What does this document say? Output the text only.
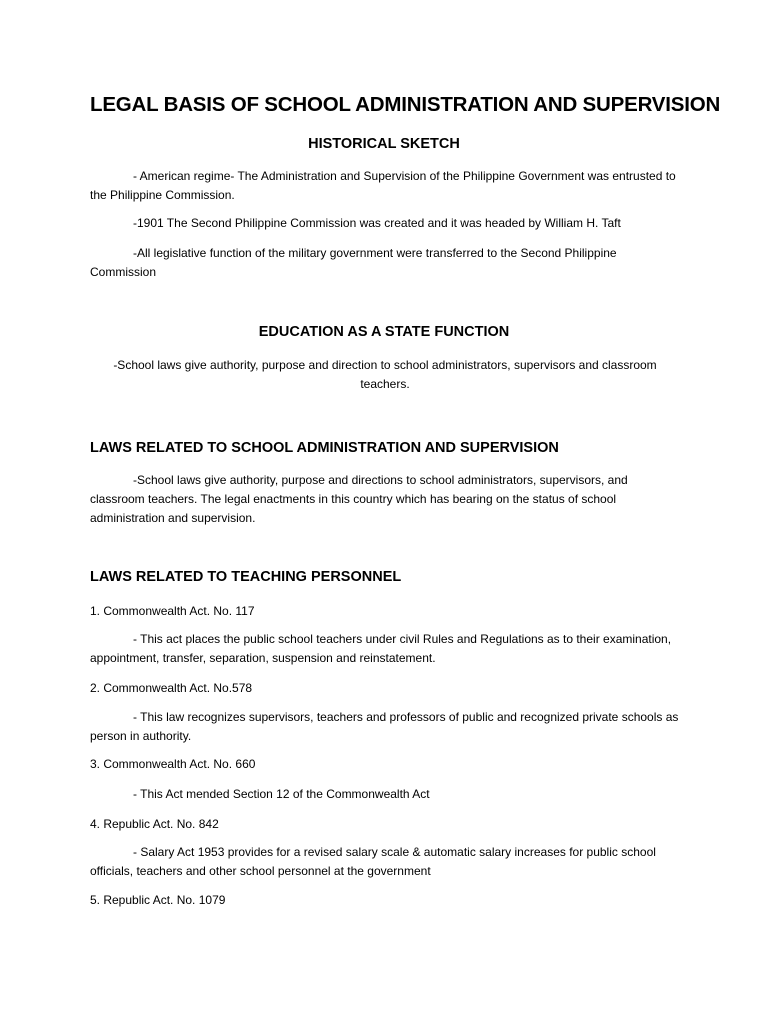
LEGAL BASIS OF SCHOOL ADMINISTRATION AND SUPERVISION
HISTORICAL SKETCH

- American regime- The Administration and Supervision of the Philippine Government was entrusted to the Philippine Commission.

-1901 The Second Philippine Commission was created and it was headed by William H. Taft

-All legislative function of the military government were transferred to the Second Philippine Commission

EDUCATION AS A STATE FUNCTION

-School laws give authority, purpose and direction to school administrators, supervisors and classroom teachers.

LAWS RELATED TO SCHOOL ADMINISTRATION AND SUPERVISION

-School laws give authority, purpose and directions to school administrators, supervisors, and classroom teachers. The legal enactments in this country which has bearing on the status of school administration and supervision.

LAWS RELATED TO TEACHING PERSONNEL

1. Commonwealth Act. No. 117

- This act places the public school teachers under civil Rules and Regulations as to their examination, appointment, transfer, separation, suspension and reinstatement.

2. Commonwealth Act. No.578

- This law recognizes supervisors, teachers and professors of public and recognized private schools as person in authority.

3. Commonwealth Act. No. 660

- This Act mended Section 12 of the Commonwealth Act

4. Republic Act. No. 842

- Salary Act 1953 provides for a revised salary scale & automatic salary increases for public school officials, teachers and other school personnel at the government

5. Republic Act. No. 1079
